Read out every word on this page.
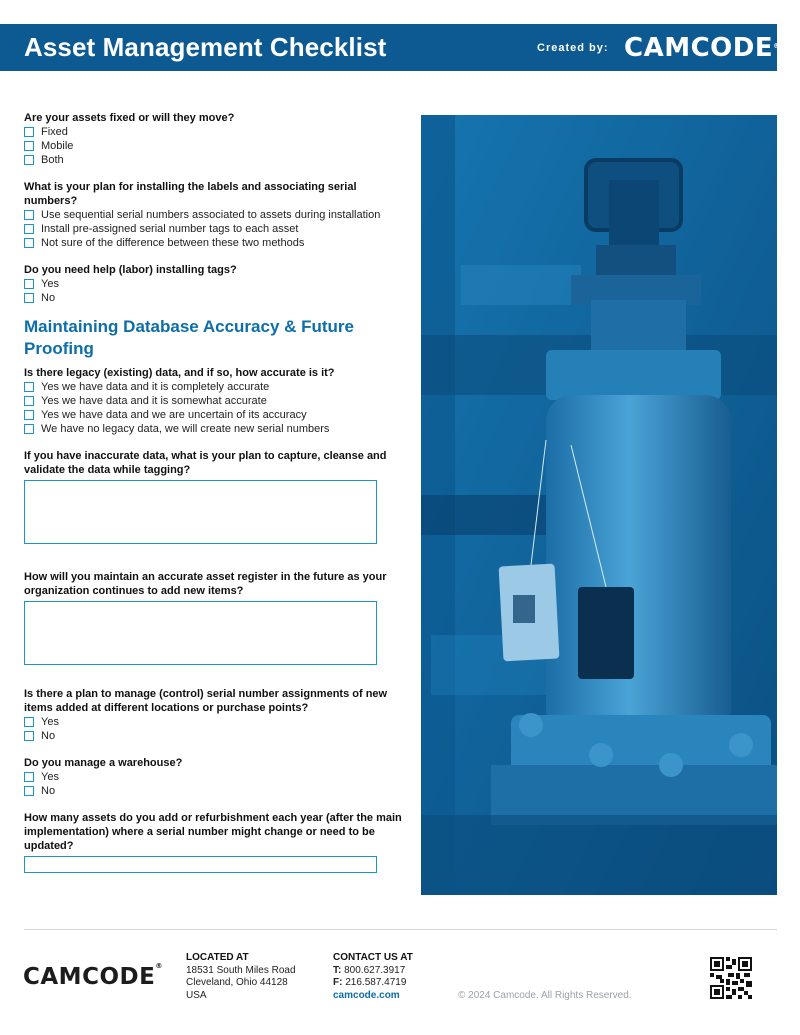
Asset Management Checklist	Created by: CAMCODE®
Are your assets fixed or will they move?
Fixed
Mobile
Both
What is your plan for installing the labels and associating serial numbers?
Use sequential serial numbers associated to assets during installation
Install pre-assigned serial number tags to each asset
Not sure of the difference between these two methods
Do you need help (labor) installing tags?
Yes
No
Maintaining Database Accuracy & Future Proofing
Is there legacy (existing) data, and if so, how accurate is it?
Yes we have data and it is completely accurate
Yes we have data and it is somewhat accurate
Yes we have data and we are uncertain of its accuracy
We have no legacy data, we will create new serial numbers
If you have inaccurate data, what is your plan to capture, cleanse and validate the data while tagging?
How will you maintain an accurate asset register in the future as your organization continues to add new items?
Is there a plan to manage (control) serial number assignments of new items added at different locations or purchase points?
Yes
No
Do you manage a warehouse?
Yes
No
How many assets do you add or refurbishment each year (after the main implementation) where a serial number might change or need to be updated?
CAMCODE®
LOCATED AT
18531 South Miles Road
Cleveland, Ohio 44128
USA
CONTACT US AT
T: 800.627.3917
F: 216.587.4719
camcode.com	© 2024 Camcode. All Rights Reserved.
